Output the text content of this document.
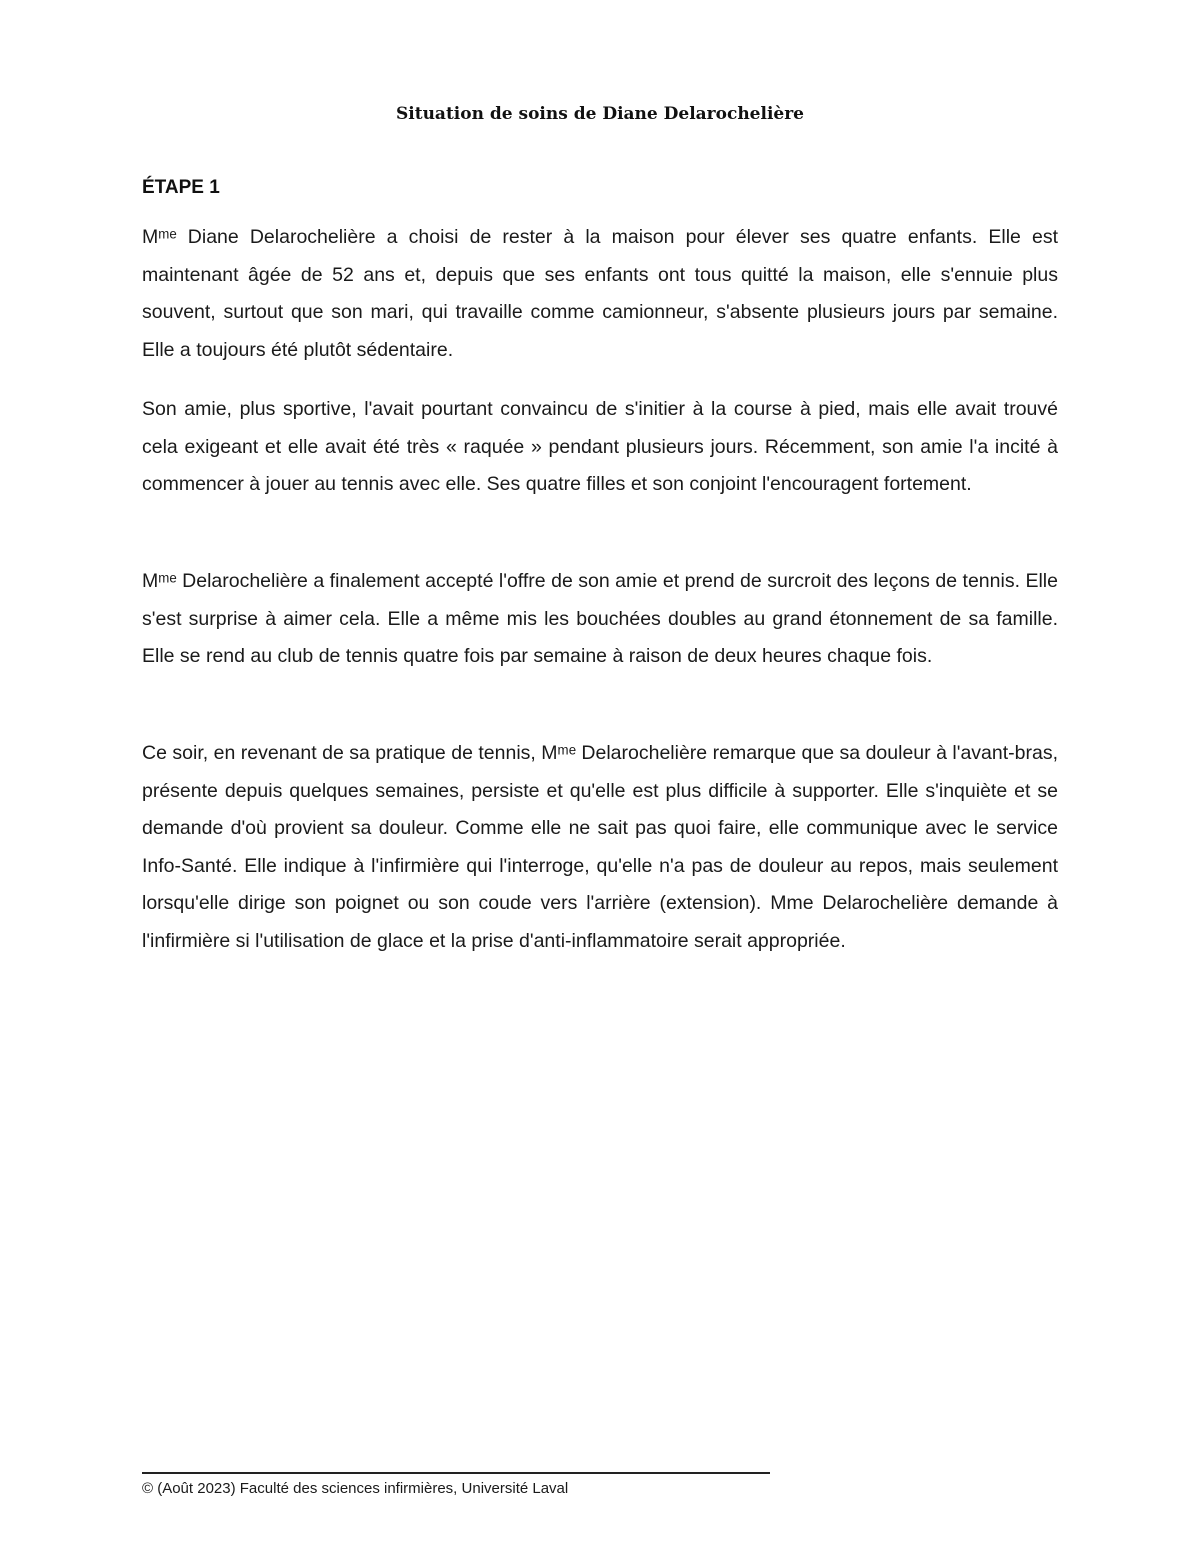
Situation de soins de Diane Delarochelière
ÉTAPE 1

Mᵐᵉ Diane Delarochelière a choisi de rester à la maison pour élever ses quatre enfants. Elle est maintenant âgée de 52 ans et, depuis que ses enfants ont tous quitté la maison, elle s'ennuie plus souvent, surtout que son mari, qui travaille comme camionneur, s'absente plusieurs jours par semaine. Elle a toujours été plutôt sédentaire.

Son amie, plus sportive, l'avait pourtant convaincu de s'initier à la course à pied, mais elle avait trouvé cela exigeant et elle avait été très « raquée » pendant plusieurs jours. Récemment, son amie l'a incité à commencer à jouer au tennis avec elle. Ses quatre filles et son conjoint l'encouragent fortement.

Mᵐᵉ Delarochelière a finalement accepté l'offre de son amie et prend de surcroit des leçons de tennis. Elle s'est surprise à aimer cela. Elle a même mis les bouchées doubles au grand étonnement de sa famille. Elle se rend au club de tennis quatre fois par semaine à raison de deux heures chaque fois.

Ce soir, en revenant de sa pratique de tennis, Mᵐᵉ Delarochelière remarque que sa douleur à l'avant-bras, présente depuis quelques semaines, persiste et qu'elle est plus difficile à supporter. Elle s'inquiète et se demande d'où provient sa douleur. Comme elle ne sait pas quoi faire, elle communique avec le service Info-Santé. Elle indique à l'infirmière qui l'interroge, qu'elle n'a pas de douleur au repos, mais seulement lorsqu'elle dirige son poignet ou son coude vers l'arrière (extension). Mme Delarochelière demande à l'infirmière si l'utilisation de glace et la prise d'anti-inflammatoire serait appropriée.

© (Août 2023) Faculté des sciences infirmières, Université Laval
